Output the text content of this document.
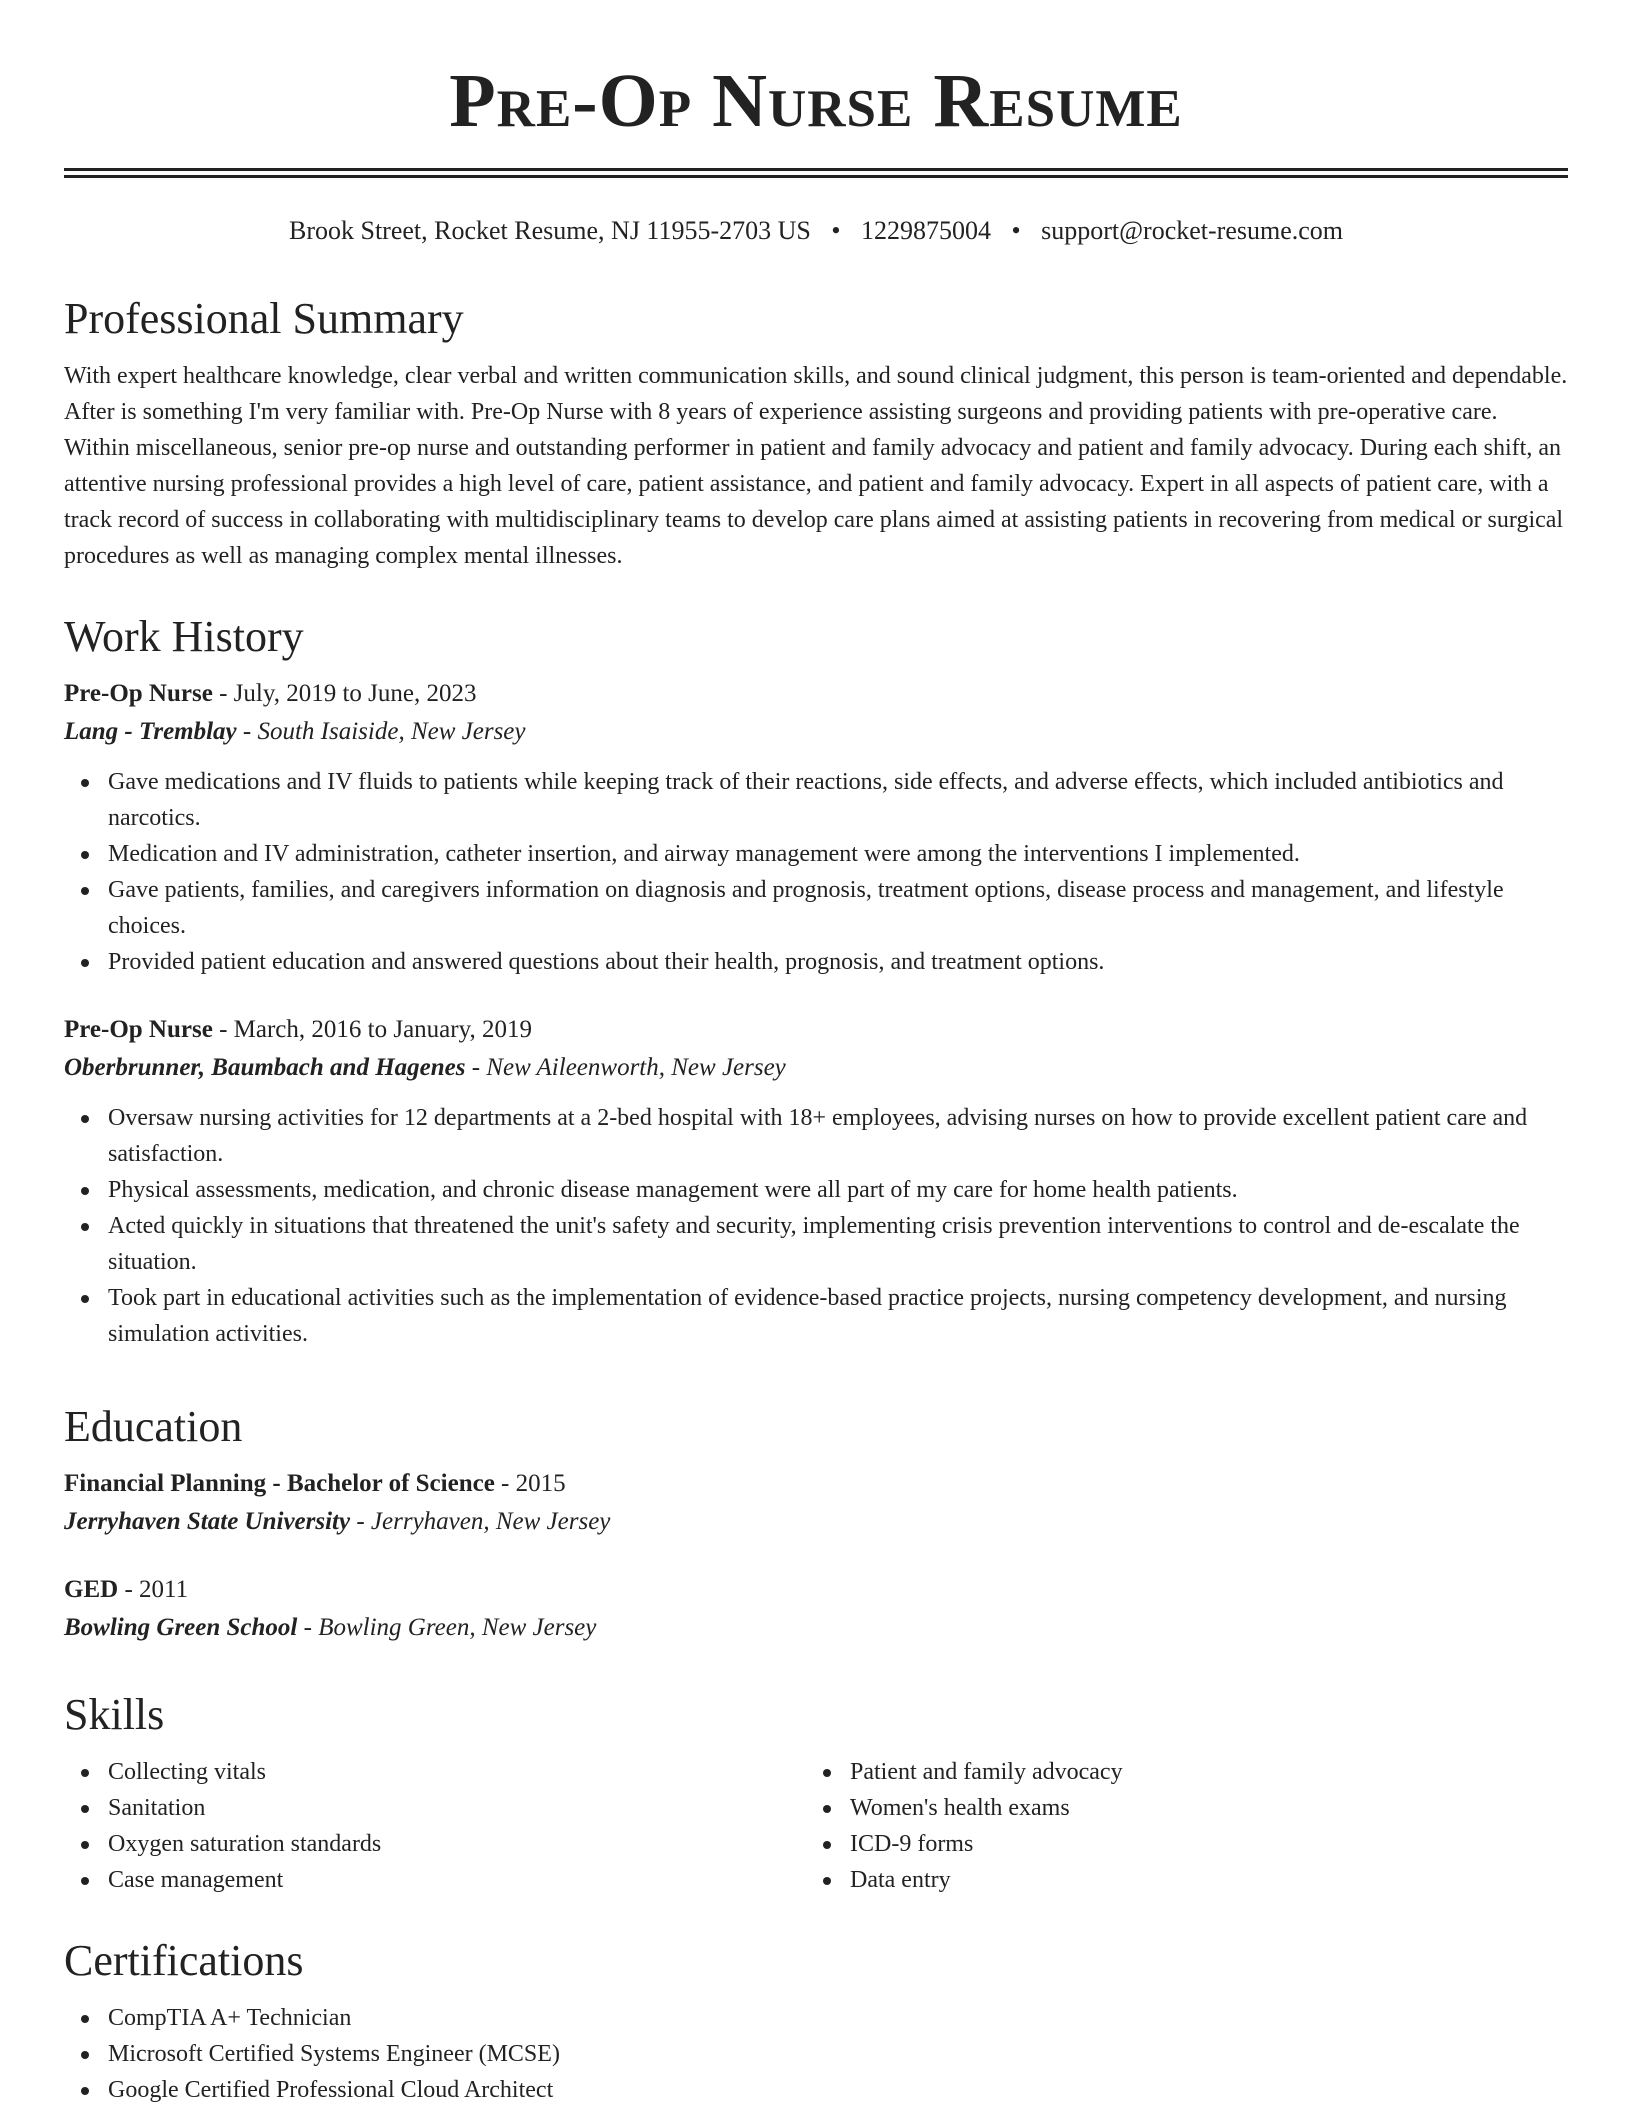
Pre-Op Nurse Resume
Brook Street, Rocket Resume, NJ 11955-2703 US • 1229875004 • support@rocket-resume.com
Professional Summary

With expert healthcare knowledge, clear verbal and written communication skills, and sound clinical judgment, this person is team-oriented and dependable. After is something I'm very familiar with. Pre-Op Nurse with 8 years of experience assisting surgeons and providing patients with pre-operative care. Within miscellaneous, senior pre-op nurse and outstanding performer in patient and family advocacy and patient and family advocacy. During each shift, an attentive nursing professional provides a high level of care, patient assistance, and patient and family advocacy. Expert in all aspects of patient care, with a track record of success in collaborating with multidisciplinary teams to develop care plans aimed at assisting patients in recovering from medical or surgical procedures as well as managing complex mental illnesses.

Work History
Pre-Op Nurse - July, 2019 to June, 2023
Lang - Tremblay - South Isaiside, New Jersey
Gave medications and IV fluids to patients while keeping track of their reactions, side effects, and adverse effects, which included antibiotics and narcotics.
Medication and IV administration, catheter insertion, and airway management were among the interventions I implemented.
Gave patients, families, and caregivers information on diagnosis and prognosis, treatment options, disease process and management, and lifestyle choices.
Provided patient education and answered questions about their health, prognosis, and treatment options.
Pre-Op Nurse - March, 2016 to January, 2019
Oberbrunner, Baumbach and Hagenes - New Aileenworth, New Jersey
Oversaw nursing activities for 12 departments at a 2-bed hospital with 18+ employees, advising nurses on how to provide excellent patient care and satisfaction.
Physical assessments, medication, and chronic disease management were all part of my care for home health patients.
Acted quickly in situations that threatened the unit's safety and security, implementing crisis prevention interventions to control and de-escalate the situation.
Took part in educational activities such as the implementation of evidence-based practice projects, nursing competency development, and nursing simulation activities.
Education
Financial Planning - Bachelor of Science - 2015
Jerryhaven State University - Jerryhaven, New Jersey
GED - 2011
Bowling Green School - Bowling Green, New Jersey
Skills
Collecting vitals
Sanitation
Oxygen saturation standards
Case management
Patient and family advocacy
Women's health exams
ICD-9 forms
Data entry
Certifications
CompTIA A+ Technician
Microsoft Certified Systems Engineer (MCSE)
Google Certified Professional Cloud Architect
